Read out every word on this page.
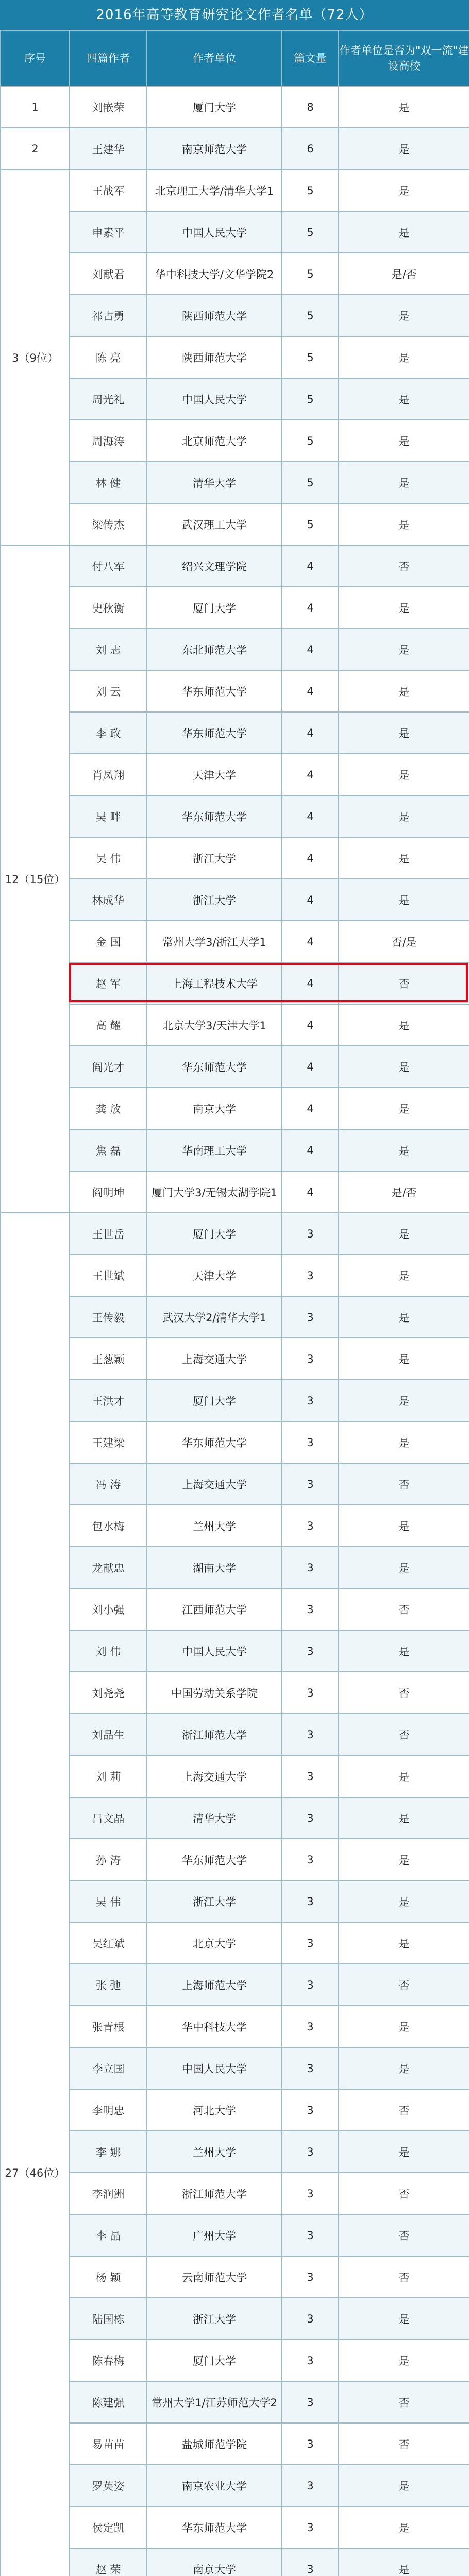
2016年高等教育研究论文作者名单（72人）
序号	四篇作者	作者单位	篇文量	作者单位是否为"双一流"建设高校
1	刘嵌荣	厦门大学	8	是
2	王建华	南京师范大学	6	是
3（9位）	王战军	北京理工大学/清华大学1	5	是
	申素平	中国人民大学	5	是
	刘献君	华中科技大学/文华学院2	5	是/否
	祁占勇	陕西师范大学	5	是
	陈 亮	陕西师范大学	5	是
	周光礼	中国人民大学	5	是
	周海涛	北京师范大学	5	是
	林 健	清华大学	5	是
	梁传杰	武汉理工大学	5	是
12（15位）	付八军	绍兴文理学院	4	否
	史秋衡	厦门大学	4	是
	刘 志	东北师范大学	4	是
	刘 云	华东师范大学	4	是
	李 政	华东师范大学	4	是
	肖凤翔	天津大学	4	是
	吴 畔	华东师范大学	4	是
	吴 伟	浙江大学	4	是
	林成华	浙江大学	4	是
	金 国	常州大学3/浙江大学1	4	否/是
	赵 军	上海工程技术大学	4	否
	高 耀	北京大学3/天津大学1	4	是
	阎光才	华东师范大学	4	是
	龚 放	南京大学	4	是
	焦 磊	华南理工大学	4	是
	阎明坤	厦门大学3/无锡太湖学院1	4	是/否
27（46位）	王世岳	厦门大学	3	是
	王世斌	天津大学	3	是
	王传毅	武汉大学2/清华大学1	3	是
	王葱颖	上海交通大学	3	是
	王洪才	厦门大学	3	是
	王建梁	华东师范大学	3	是
	冯 涛	上海交通大学	3	否
	包水梅	兰州大学	3	是
	龙献忠	湖南大学	3	是
	刘小强	江西师范大学	3	否
	刘 伟	中国人民大学	3	是
	刘尧尧	中国劳动关系学院	3	否
	刘晶生	浙江师范大学	3	否
	刘 莉	上海交通大学	3	是
	吕文晶	清华大学	3	是
	孙 涛	华东师范大学	3	是
	吴 伟	浙江大学	3	是
	吴红斌	北京大学	3	是
	张 弛	上海师范大学	3	否
	张青根	华中科技大学	3	是
	李立国	中国人民大学	3	是
	李明忠	河北大学	3	否
	李 娜	兰州大学	3	是
	李润洲	浙江师范大学	3	否
	李 晶	广州大学	3	否
	杨 颖	云南师范大学	3	否
	陆国栋	浙江大学	3	是
	陈春梅	厦门大学	3	是
	陈建强	常州大学1/江苏师范大学2	3	否
	易苗苗	盐城师范学院	3	否
	罗英姿	南京农业大学	3	是
	侯定凯	华东师范大学	3	是
	赵 荣	南京大学	3	是
